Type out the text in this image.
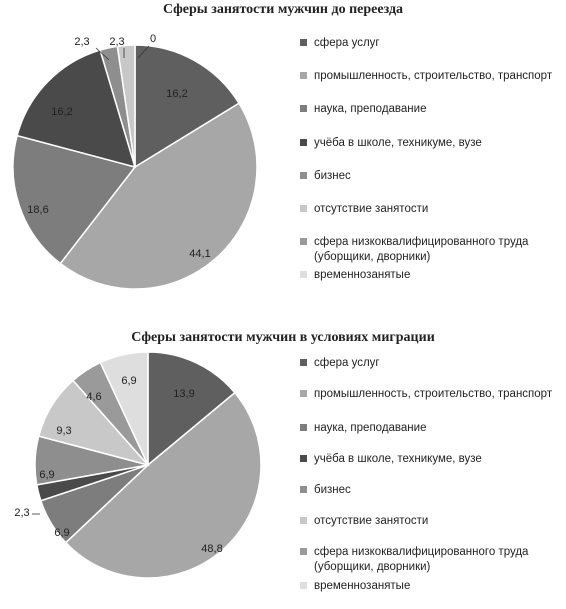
Сферы занятости мужчин до переезда
16,2
44,1
18,6
16,2
2,3 2,3 0	сфера услуг
промышленность, строительство, транспорт
наука, преподавание
учёба в школе, техникуме, вузе
бизнес
отсутствие занятости
сфера низкоквалифицированного труда (уборщики, дворники)
временнозанятые
Сферы занятости мужчин в условиях миграции
13,9
48,8
6,9
2,3
6,9
9,3
4,6
6,9
сфера услуг
промышленность, строительство, транспорт
наука, преподавание
учёба в школе, техникуме, вузе
бизнес
отсутствие занятости
сфера низкоквалифицированного труда (уборщики, дворники)
временнозанятые
